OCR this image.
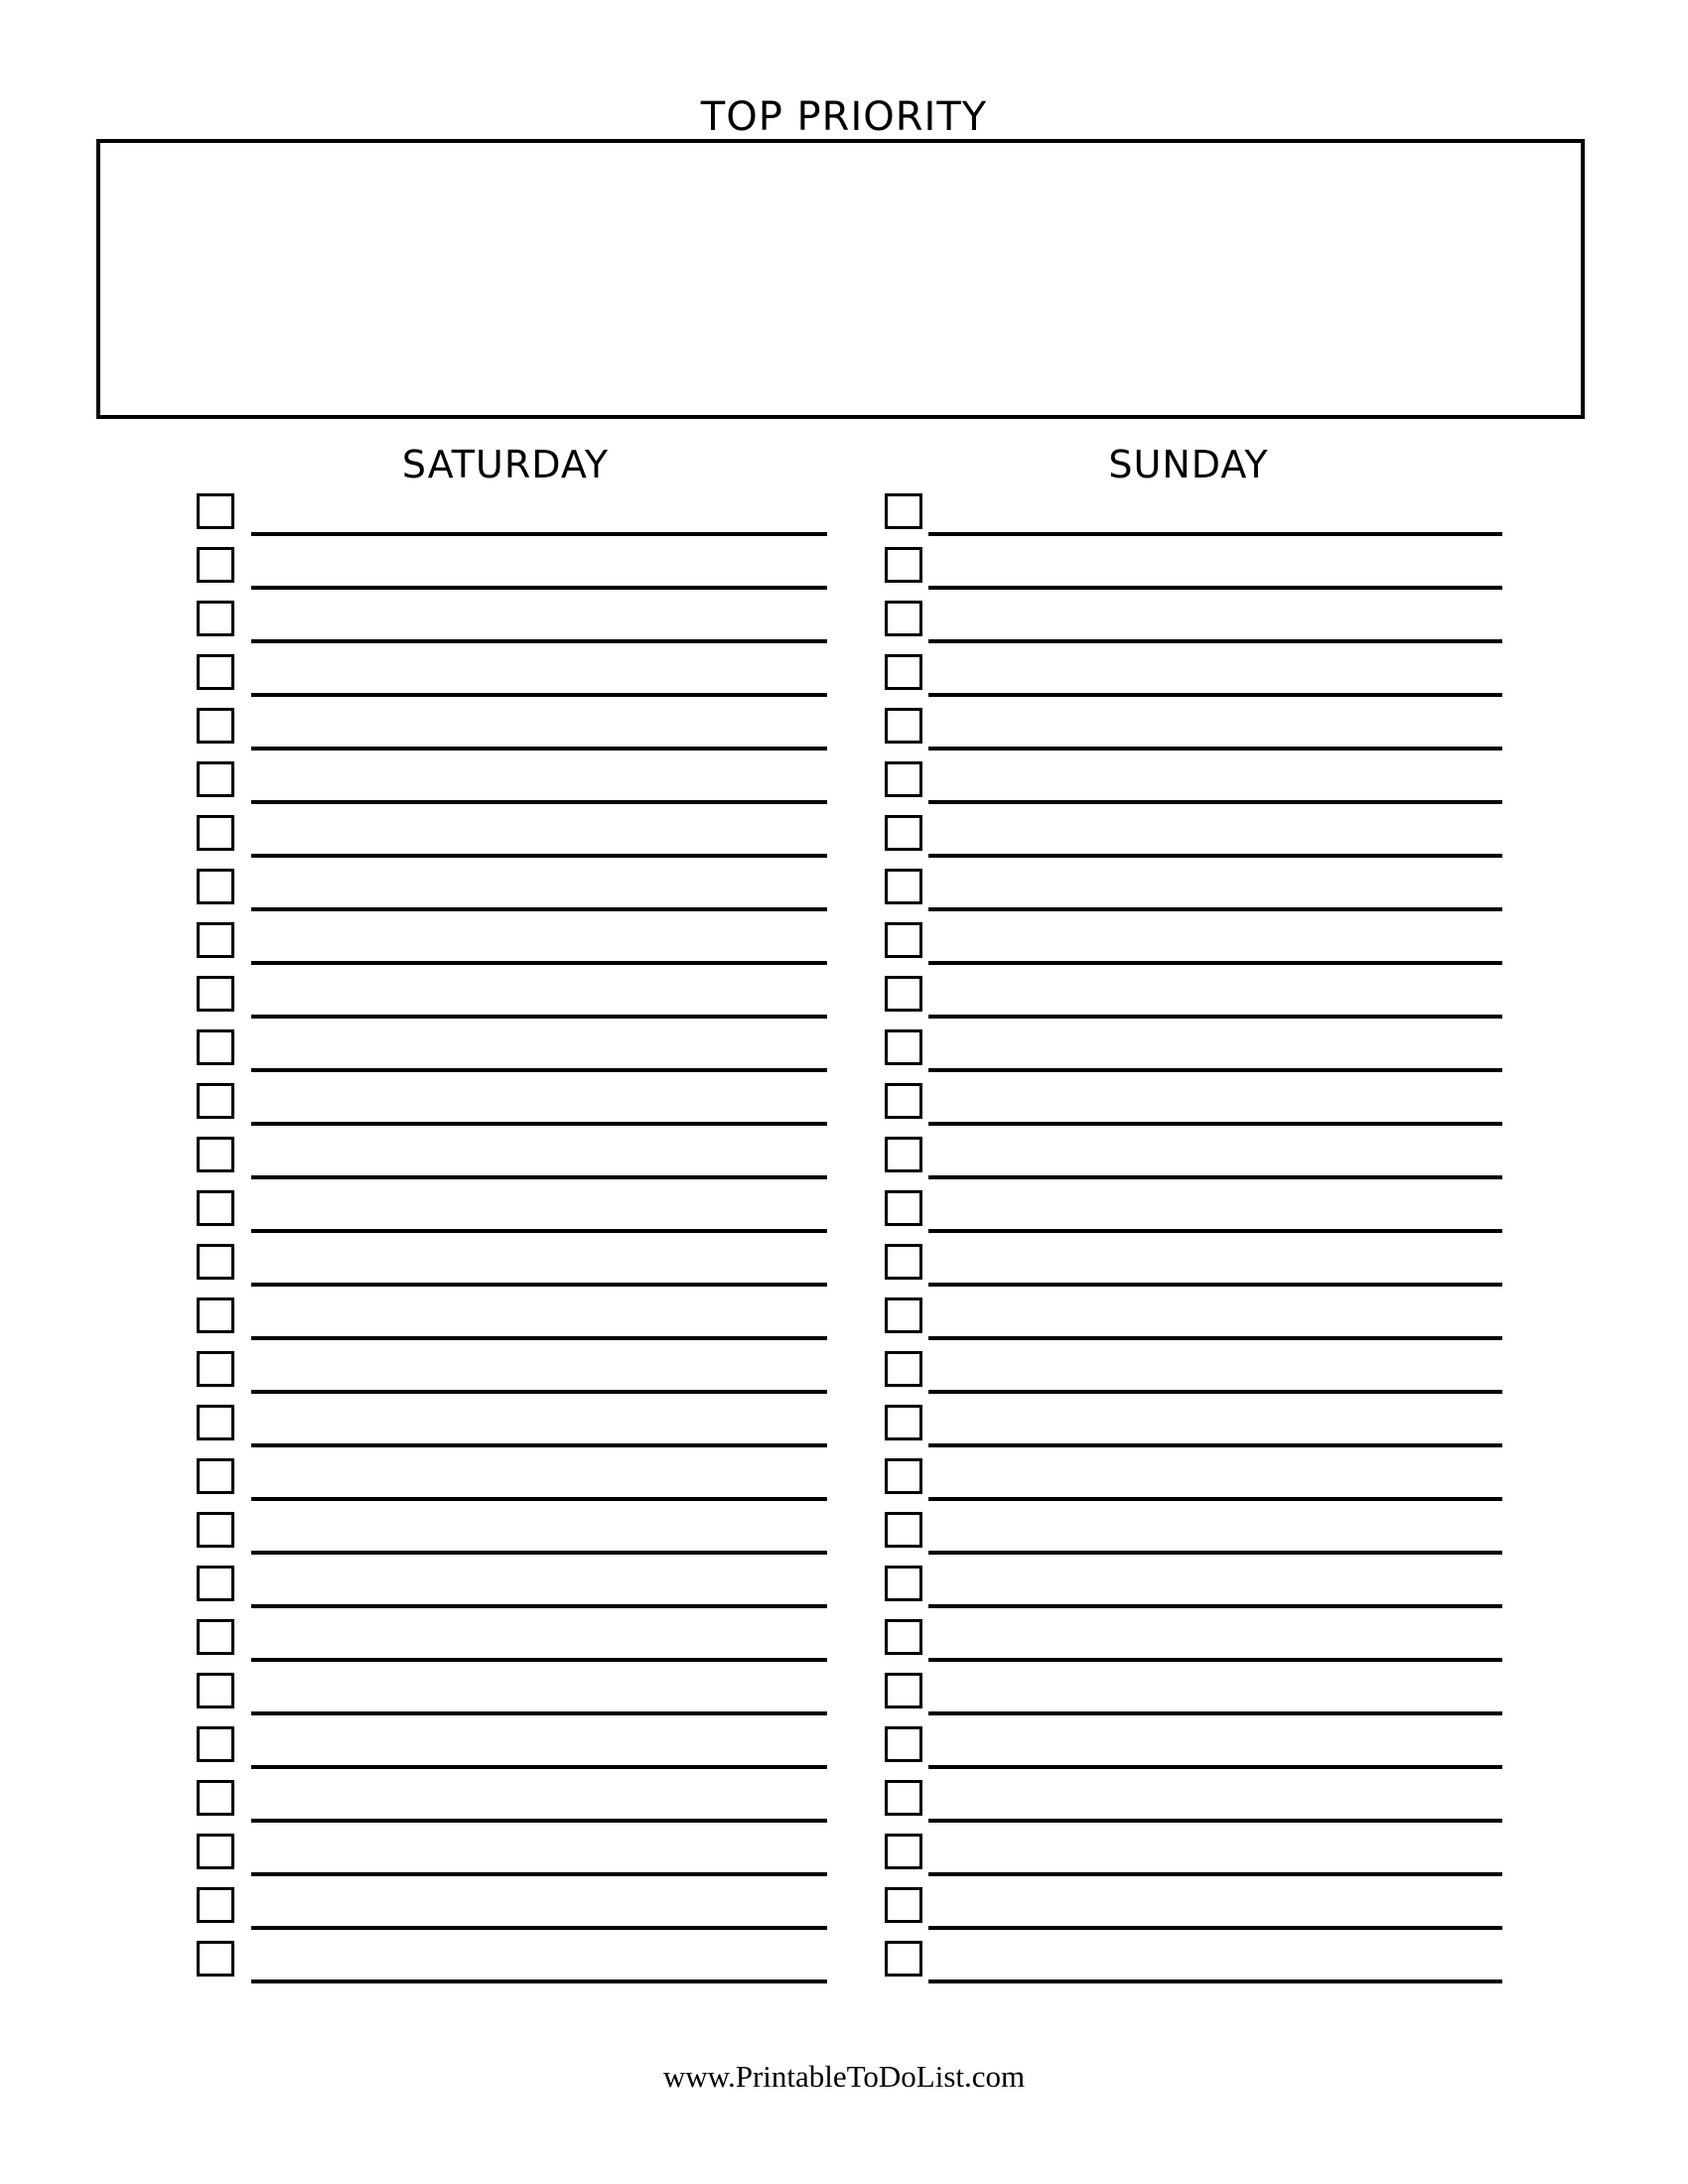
TOP PRIORITY
SATURDAY	SUNDAY
www.PrintableToDoList.com
